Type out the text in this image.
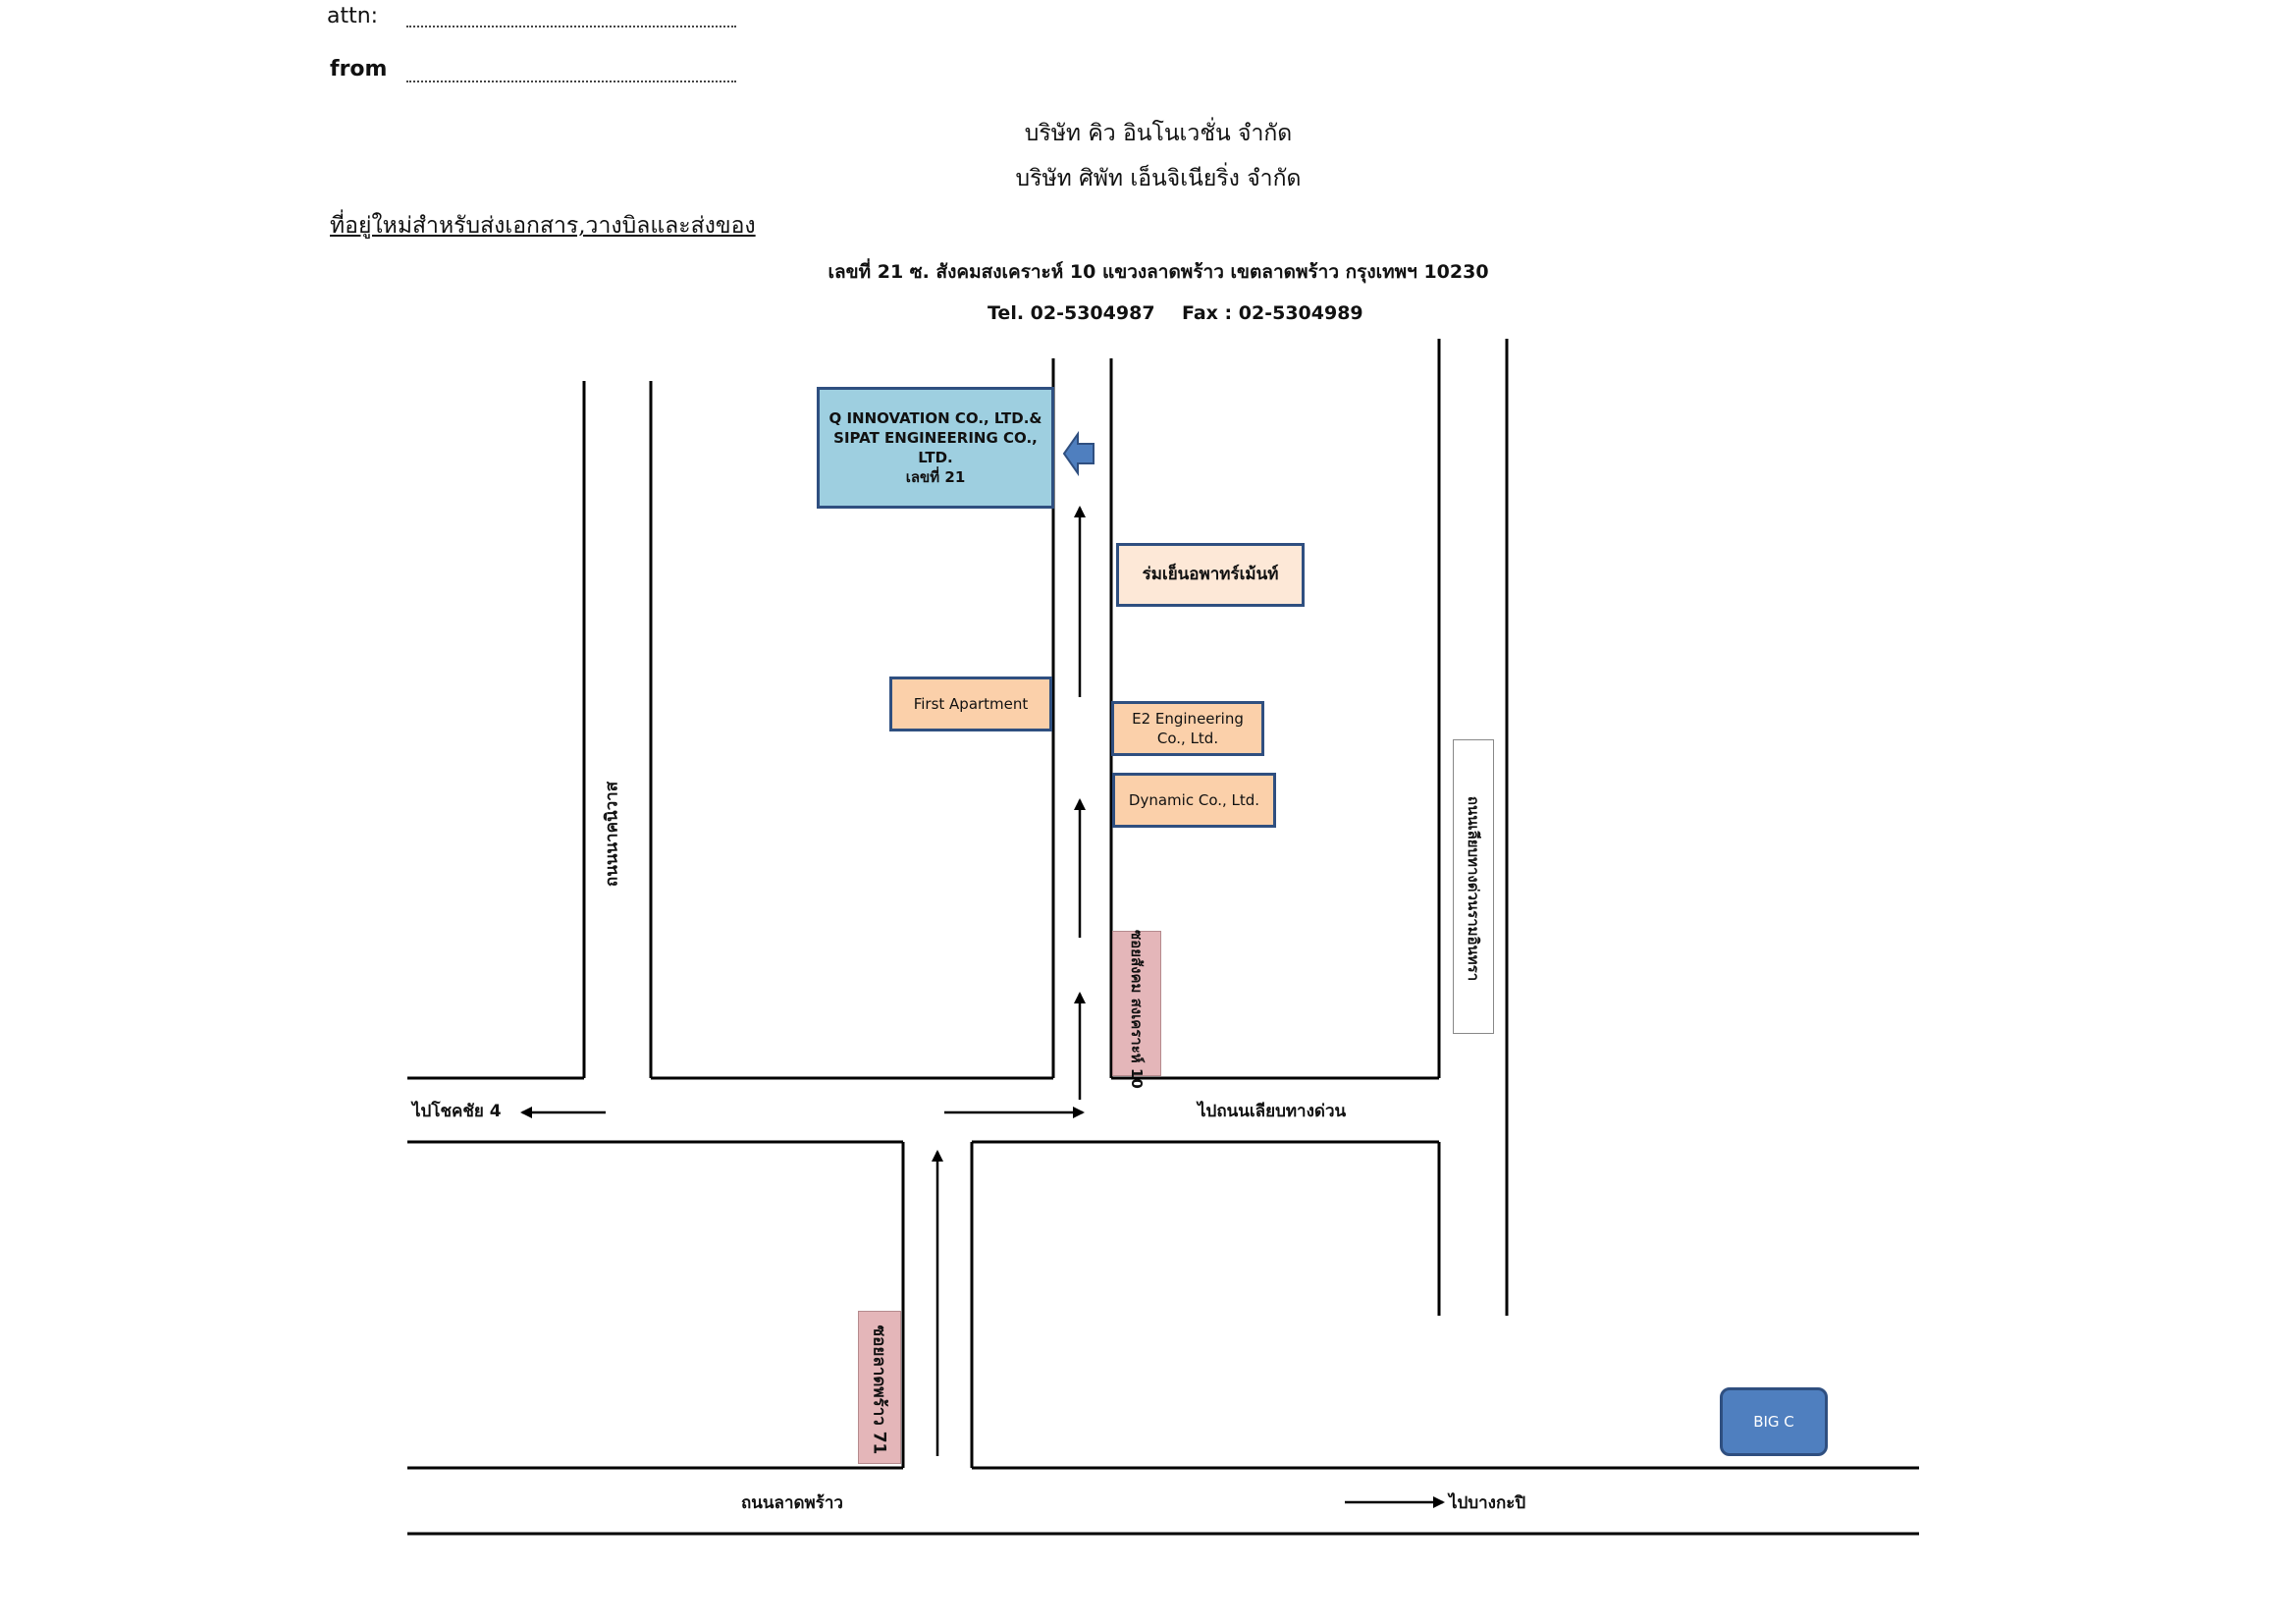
attn:
from
บริษัท คิว อินโนเวชั่น จำกัด
บริษัท ศิพัท เอ็นจิเนียริ่ง จำกัด
ที่อยู่ใหม่สำหรับส่งเอกสาร,วางบิลและส่งของ
เลขที่ 21 ซ. สังคมสงเคราะห์ 10 แขวงลาดพร้าว เขตลาดพร้าว กรุงเทพฯ 10230
Tel. 02-5304987 Fax : 02-5304989
Q INNOVATION CO., LTD.&
SIPAT ENGINEERING CO., LTD.
เลขที่ 21
ร่มเย็นอพาทร์เม้นท์
First Apartment
E2 Engineering
Co., Ltd.
Dynamic Co., Ltd.
BIG C
ซอยสังคม สงเคราะห์ 10
ซอยลาดพร้าว 71
ถนนนาคนิวาส	ถนนเลียบทางด่วนรามอินทรา
ไปโชคชัย 4	ไปถนนเลียบทางด่วน
ถนนลาดพร้าว	ไปบางกะปิ
